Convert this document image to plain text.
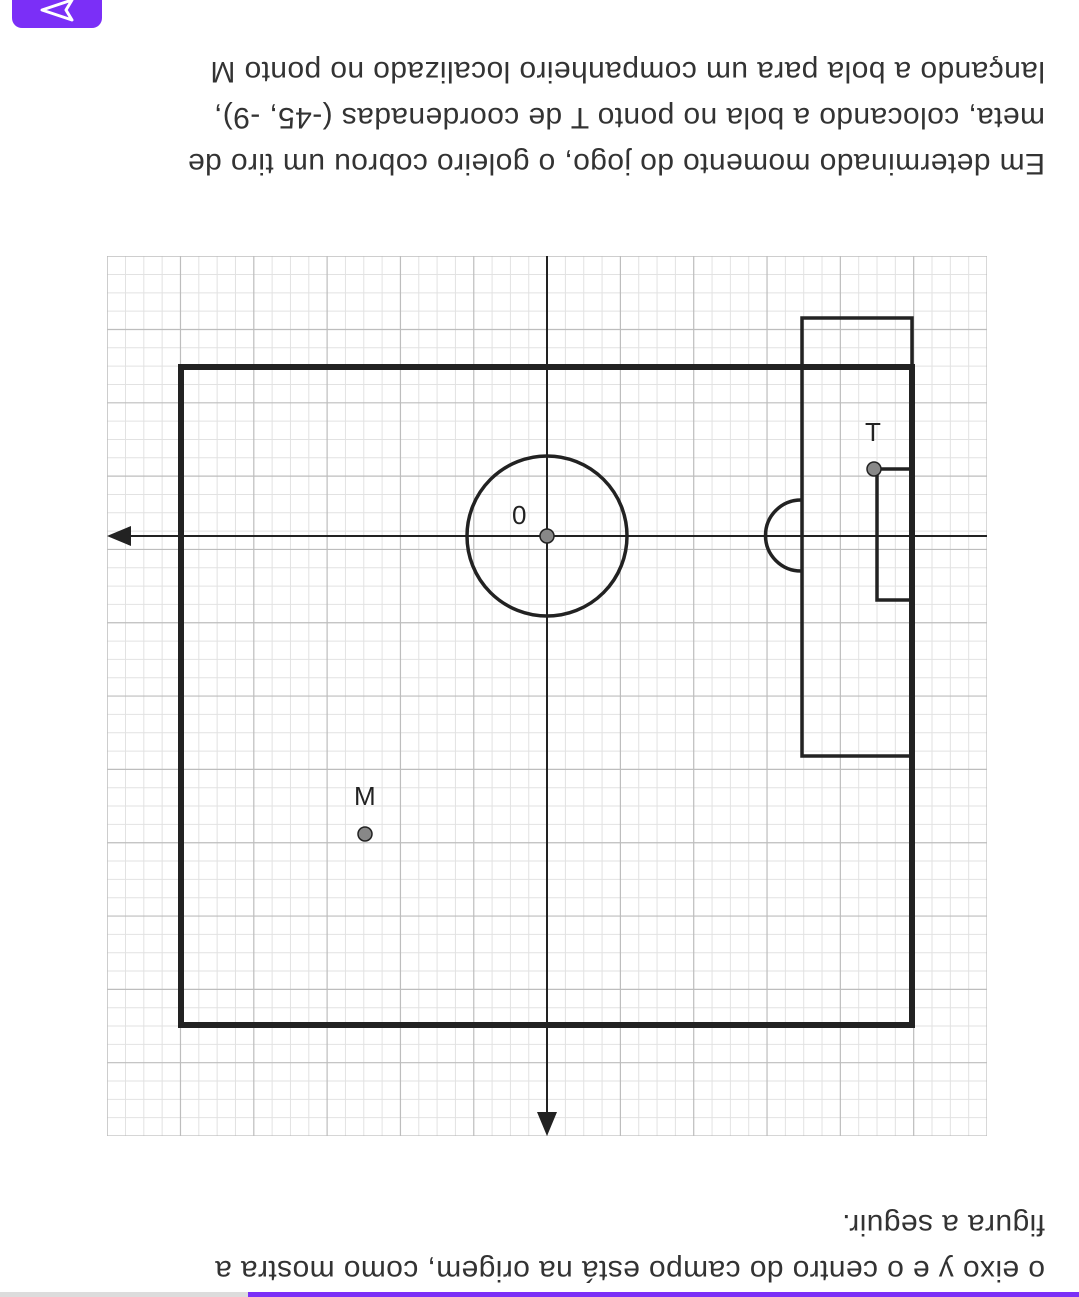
o eixo y e o centro do campo está na origem, como mostra a
figura a seguir.
0
T
M
Em determinado momento do jogo, o goleiro cobrou um tiro de
meta, colocando a bola no ponto T de coordenadas (-45, -9),
lançando a bola para um companheiro localizado no ponto M
